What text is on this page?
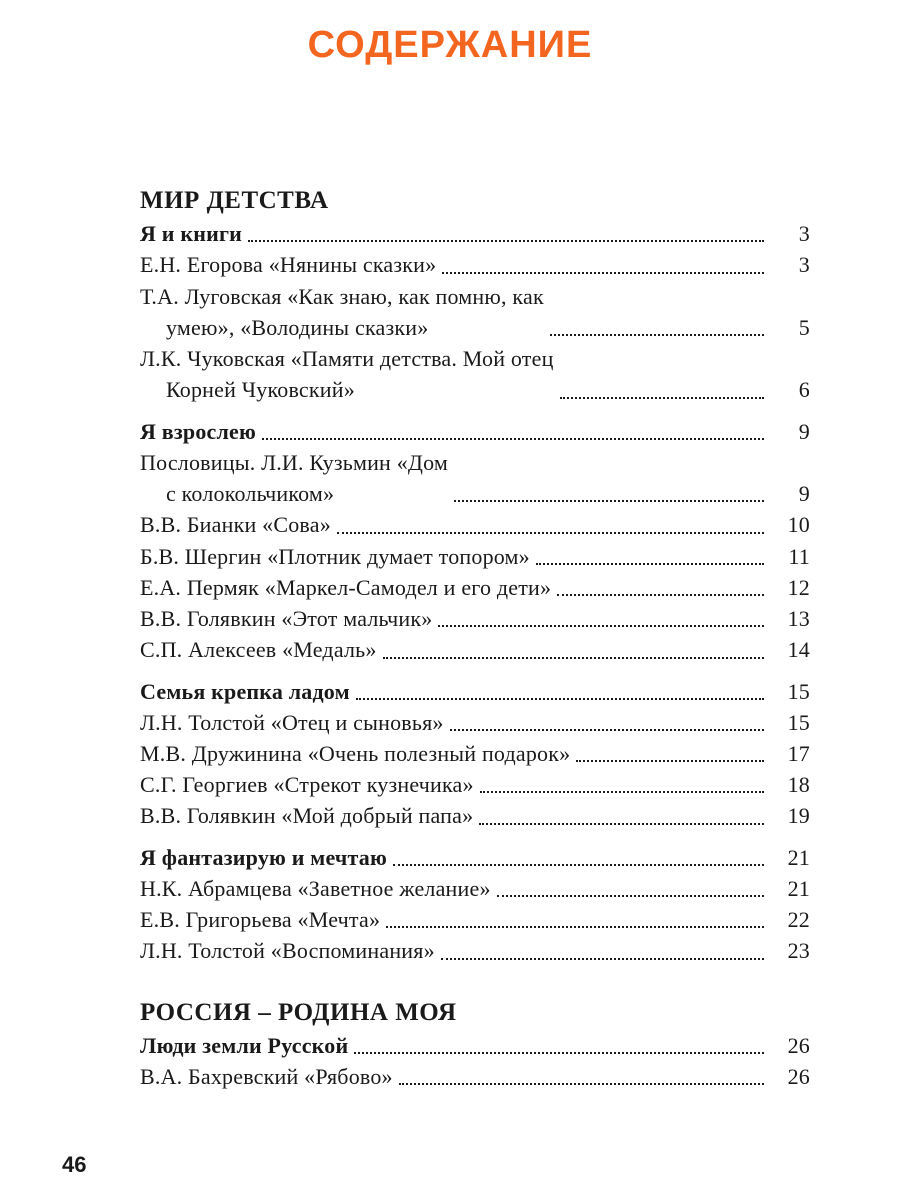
СОДЕРЖАНИЕ
МИР ДЕТСТВА
Я и книги	3
Е.Н. Егорова «Нянины сказки»	3
Т.А. Луговская «Как знаю, как помню, как
умею», «Володины сказки»	5
Л.К. Чуковская «Памяти детства. Мой отец
Корней Чуковский»	6
Я взрослею	9
Пословицы. Л.И. Кузьмин «Дом
с колокольчиком»	9
В.В. Бианки «Сова»	10
Б.В. Шергин «Плотник думает топором»	11
Е.А. Пермяк «Маркел-Самодел и его дети»	12
В.В. Голявкин «Этот мальчик»	13
С.П. Алексеев «Медаль»	14
Семья крепка ладом	15
Л.Н. Толстой «Отец и сыновья»	15
М.В. Дружинина «Очень полезный подарок»	17
С.Г. Георгиев «Стрекот кузнечика»	18
В.В. Голявкин «Мой добрый папа»	19
Я фантазирую и мечтаю	21
Н.К. Абрамцева «Заветное желание»	21
Е.В. Григорьева «Мечта»	22
Л.Н. Толстой «Воспоминания»	23
РОССИЯ – РОДИНА МОЯ
Люди земли Русской	26
В.А. Бахревский «Рябово»	26
46
